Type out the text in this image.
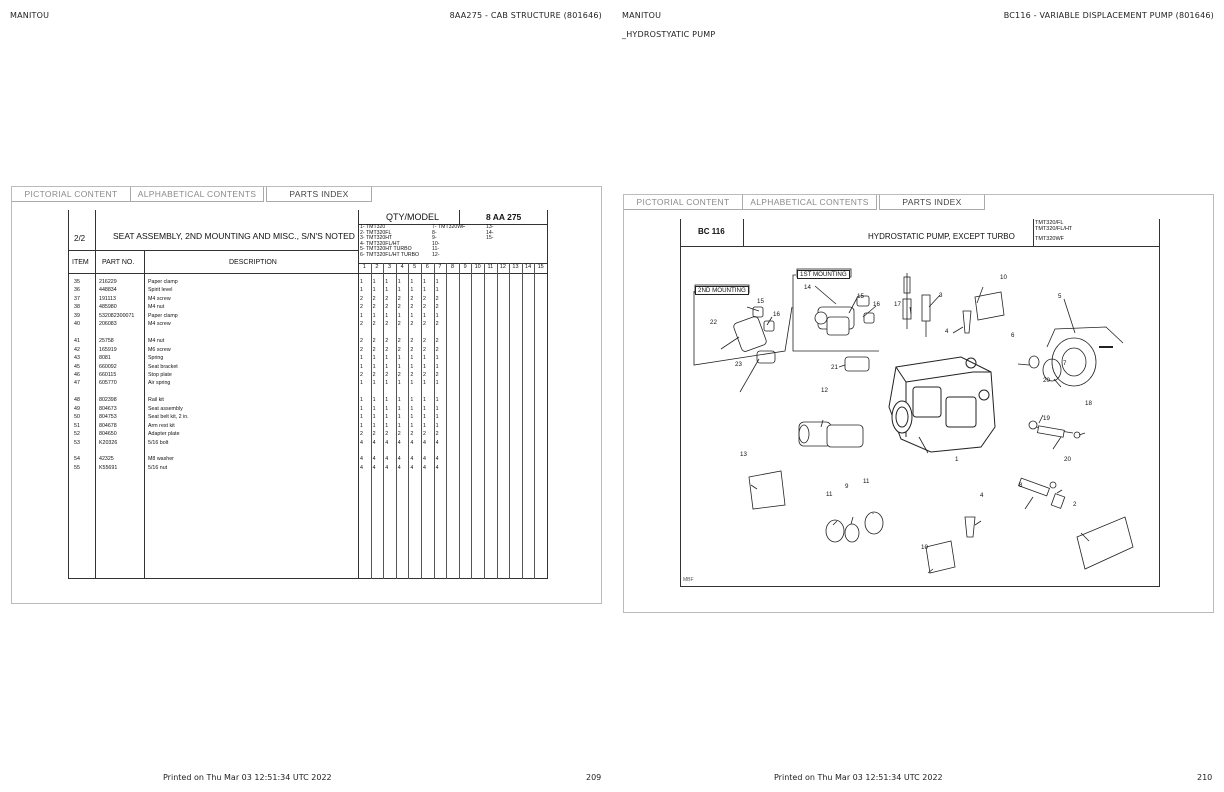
MANITOU	8AA275 - CAB STRUCTURE (801646)	MANITOU	BC116 - VARIABLE DISPLACEMENT PUMP (801646)
_HYDROSTYATIC PUMP
Printed on Thu Mar 03 12:51:34 UTC 2022	209	Printed on Thu Mar 03 12:51:34 UTC 2022	210
PICTORIAL CONTENT	ALPHABETICAL CONTENTS	PARTS INDEX
2/2	SEAT ASSEMBLY, 2ND MOUNTING AND MISC., S/N'S NOTED
QTY/MODEL	8 AA 275
1- TMT320
2- TMT320FL
3- TMT320HT
4- TMT320FL/HT
5- TMT320HT TURBO
6- TMT320FL/HT TURBO
7- TMT320WF
8-
9-
10-
11-
12-
13-
14-
15-
ITEM PART NO.	DESCRIPTION
1	2	3	4	5	6	7	8	9	10	11	12	13	14	15
35	216229	Paper clamp	1 1 1 1 1 1 1
36	448834	Spirit level	1 1 1 1 1 1 1
37	191113	M4 screw	2 2 2 2 2 2 2
38	485980	M4 nut	2 2 2 2 2 2 2
39	532082300071	Paper clamp	1 1 1 1 1 1 1
40	206083	M4 screw	2 2 2 2 2 2 2
41	25758	M4 nut	2 2 2 2 2 2 2
42	165919	M6 screw	2 2 2 2 2 2 2
43	8081	Spring	1 1 1 1 1 1 1
45	660092	Seat bracket	1 1 1 1 1 1 1
46	660115	Stop plate	2 2 2 2 2 2 2
47	605770	Air spring	1 1 1 1 1 1 1
48	802398	Rail kit	1 1 1 1 1 1 1
49	804673	Seat assembly	1 1 1 1 1 1 1
50	804753	Seat belt kit, 2 in.	1 1 1 1 1 1 1
51	804678	Arm rest kit	1 1 1 1 1 1 1
52	804650	Adapter plate	2 2 2 2 2 2 2
53	K20326	5/16 bolt	4 4 4 4 4 4 4
54	42325	M8 washer	4 4 4 4 4 4 4
55	K55691	5/16 nut	4 4 4 4 4 4 4
PICTORIAL CONTENT	ALPHABETICAL CONTENTS	PARTS INDEX
BC 116
HYDROSTATIC PUMP, EXCEPT TURBO
TMT320/FL
TMT320/FL/HT
TMT320WF
1ST MOUNTING
2ND MOUNTING	14
15
16 17
3
10
5
15
16
22
4
6
23	21
7
12
20
18
19
13
1	20
8
11
9
11
4
2
10
MBF
